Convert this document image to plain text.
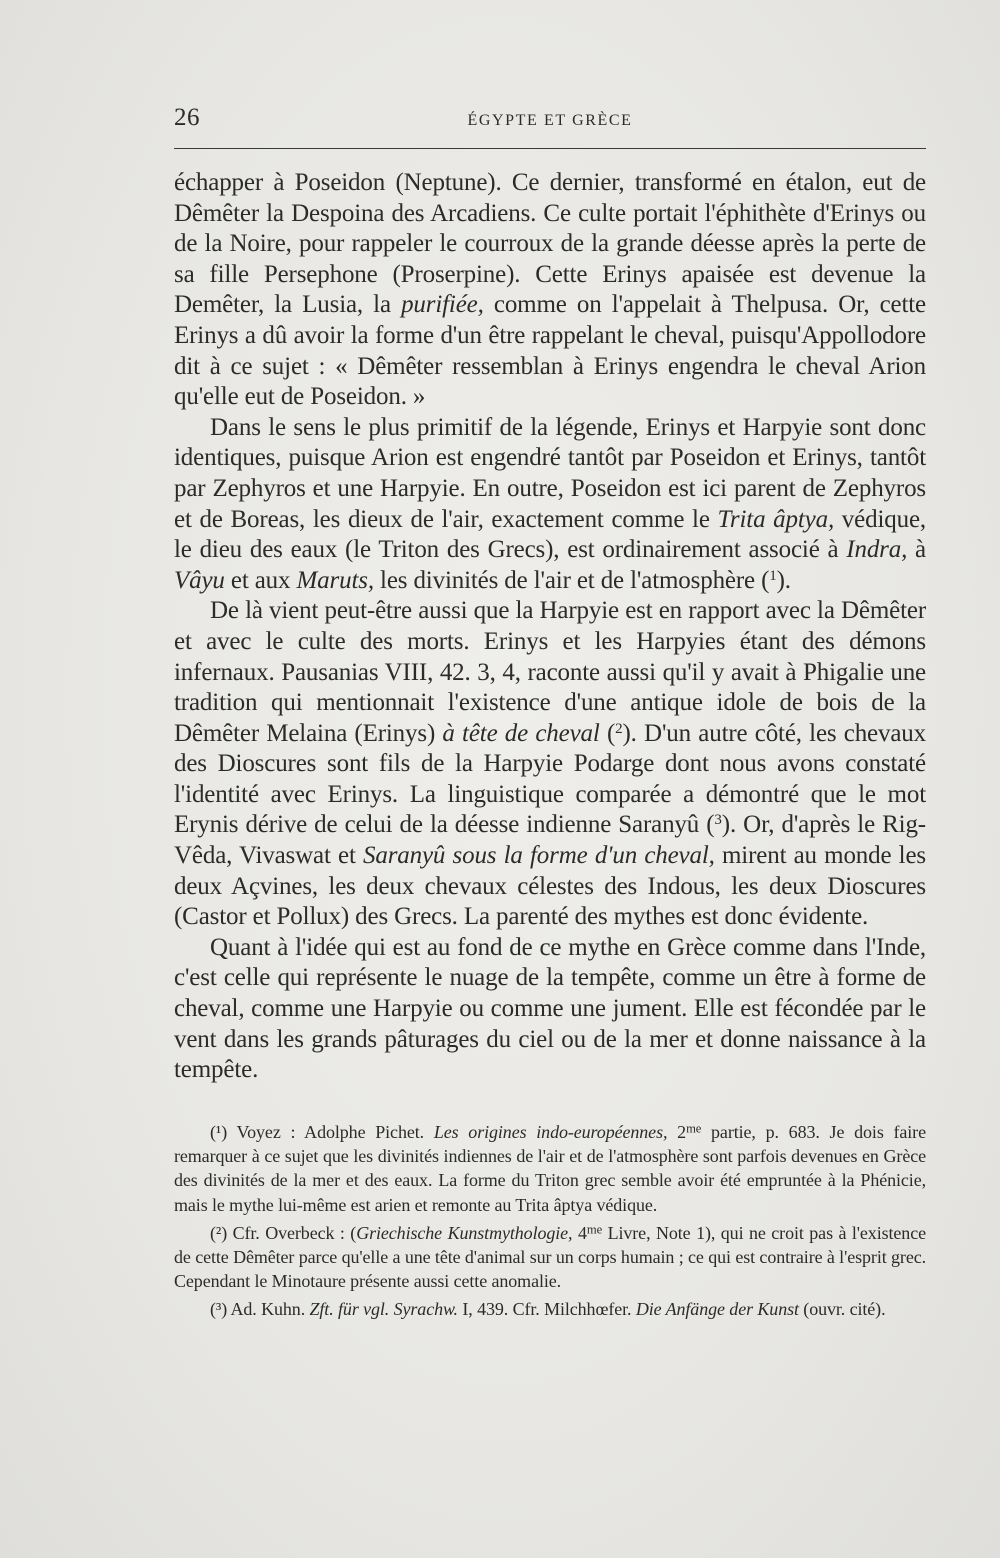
26	ÉGYPTE ET GRÈCE

échapper à Poseidon (Neptune). Ce dernier, transformé en étalon, eut de Dêmêter la Despoina des Arcadiens. Ce culte portait l'éphithète d'Erinys ou de la Noire, pour rappeler le courroux de la grande déesse après la perte de sa fille Persephone (Proserpine). Cette Erinys apaisée est devenue la Demêter, la Lusia, la purifiée, comme on l'appelait à Thelpusa. Or, cette Erinys a dû avoir la forme d'un être rappelant le cheval, puisqu'Appollodore dit à ce sujet : « Dêmêter ressemblan à Erinys engendra le cheval Arion qu'elle eut de Poseidon. »

Dans le sens le plus primitif de la légende, Erinys et Harpyie sont donc identiques, puisque Arion est engendré tantôt par Poseidon et Erinys, tantôt par Zephyros et une Harpyie. En outre, Poseidon est ici parent de Zephyros et de Boreas, les dieux de l'air, exactement comme le Trita âptya, védique, le dieu des eaux (le Triton des Grecs), est ordinairement associé à Indra, à Vâyu et aux Maruts, les divinités de l'air et de l'atmosphère ($^1$).

De là vient peut-être aussi que la Harpyie est en rapport avec la Dêmêter et avec le culte des morts. Erinys et les Harpyies étant des démons infernaux. Pausanias VIII, 42. 3, 4, raconte aussi qu'il y avait à Phigalie une tradition qui mentionnait l'existence d'une antique idole de bois de la Dêmêter Melaina (Erinys) à tête de cheval ($^2$). D'un autre côté, les chevaux des Dioscures sont fils de la Harpyie Podarge dont nous avons constaté l'identité avec Erinys. La linguistique comparée a démontré que le mot Erynis dérive de celui de la déesse indienne Saranyû ($^3$). Or, d'après le Rig-Vêda, Vivaswat et Saranyû sous la forme d'un cheval, mirent au monde les deux Açvines, les deux chevaux célestes des Indous, les deux Dioscures (Castor et Pollux) des Grecs. La parenté des mythes est donc évidente.

Quant à l'idée qui est au fond de ce mythe en Grèce comme dans l'Inde, c'est celle qui représente le nuage de la tempête, comme un être à forme de cheval, comme une Harpyie ou comme une jument. Elle est fécondée par le vent dans les grands pâturages du ciel ou de la mer et donne naissance à la tempête.

(¹) Voyez : Adolphe Pichet. Les origines indo-européennes, 2$^{me}$ partie, p. 683. Je dois faire remarquer à ce sujet que les divinités indiennes de l'air et de l'atmosphère sont parfois devenues en Grèce des divinités de la mer et des eaux. La forme du Triton grec semble avoir été empruntée à la Phénicie, mais le mythe lui-même est arien et remonte au Trita âptya védique.

(²) Cfr. Overbeck : (Griechische Kunstmythologie, 4$^{me}$ Livre, Note 1), qui ne croit pas à l'existence de cette Dêmêter parce qu'elle a une tête d'animal sur un corps humain ; ce qui est contraire à l'esprit grec. Cependant le Minotaure présente aussi cette anomalie.

(³) Ad. Kuhn. Zft. für vgl. Syrachw. I, 439. Cfr. Milchhœfer. Die Anfänge der Kunst (ouvr. cité).
